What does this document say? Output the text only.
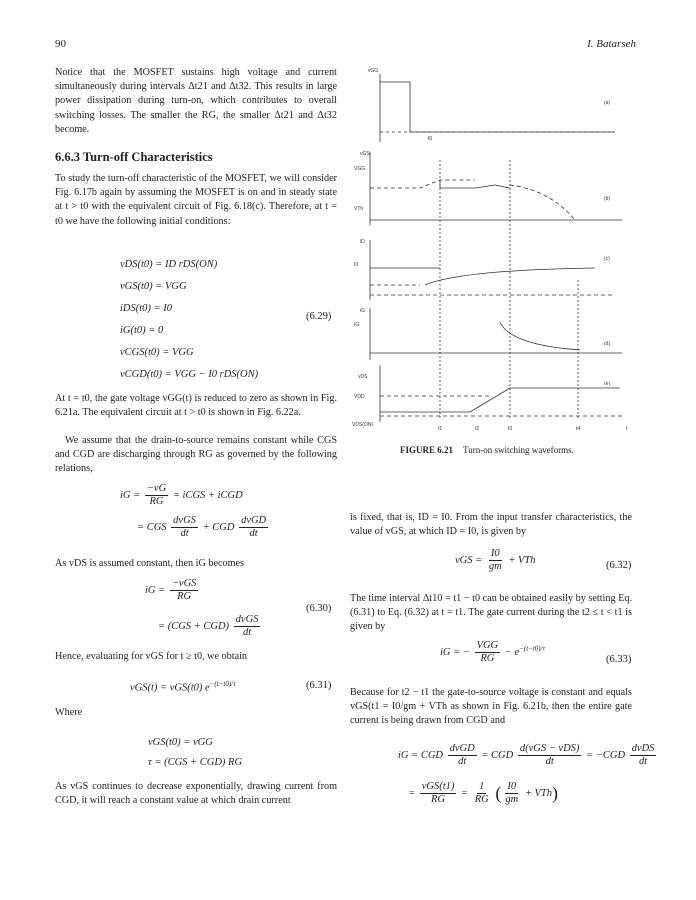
90	I. Batarseh
Notice that the MOSFET sustains high voltage and current simultaneously during intervals Δt21 and Δt32. This results in large power dissipation during turn-on, which contributes to overall switching losses. The smaller the RG, the smaller Δt21 and Δt32 become.
6.6.3 Turn-off Characteristics
To study the turn-off characteristic of the MOSFET, we will consider Fig. 6.17b again by assuming the MOSFET is on and in steady state at t > t0 with the equivalent circuit of Fig. 6.18(c). Therefore, at t = t0 we have the following initial conditions:
vDS(t0) = ID rDS(ON)
vGS(t0) = VGG
iDS(t0) = I0
iG(t0) = 0
vCGS(t0) = VGG
vCGD(t0) = VGG − I0 rDS(ON)
(6.29)
At t = t0, the gate voltage vGG(t) is reduced to zero as shown in Fig. 6.21a. The equivalent circuit at t > t0 is shown in Fig. 6.22a.
We assume that the drain-to-source remains constant while CGS and CGD are discharging through RG as governed by the following relations,
iG = $\frac{-vG}{RG}$ = iCGS + iCGD
= CGS $\frac{\text{dvGS}}{dt}$ + CGD $\frac{\text{dvGD}}{dt}$
As vDS is assumed constant, then iG becomes
iG = $\frac{\text{−vGS}}{RG}$
= $(CGS + CGD) \frac{\text{dvGS}}{dt}$
(6.30)
Hence, evaluating for vGS for t ≥ t0, we obtain
vGS(t) = vGS(t0) $e^{-(t-t0)/\tau}$	(6.31)
Where
vGS(t0) = vGG
τ = (CGS + CGD) RG
As vGS continues to decrease exponentially, drawing current from CGD, it will reach a constant value at which drain current
vGG
vGS
VGG
VTh
iD
I0
iG
IG
vDS
VDD
VDS(ON)
t0
t1	t2	t3	t4	t
(a)
(b)
(c)
(d)
(e)
FIGURE 6.21 Turn-on switching waveforms.
is fixed, that is, ID = I0. From the input transfer characteristics, the value of vGS, at which ID = I0, is given by
vGS = $\frac{I0}{gm}$ + VTh	(6.32)
The time interval Δt10 = t1 − t0 can be obtained easily by setting Eq. (6.31) to Eq. (6.32) at t = t1. The gate current during the t2 ≤ t < t1 is given by
iG = − $\frac{\text{VGG}}{RG} - e^{-(t-t0)/\tau}$
(6.33)
Because for t2 − t1 the gate-to-source voltage is constant and equals vGS(t1 = I0/gm + VTh as shown in Fig. 6.21b, then the entire gate current is being drawn from CGD and
iG = CGD $\frac{\text{dvGD}}{dt}$ = CGD $\frac{\text{d(vGS − vDS)}}{dt} = -CGD \frac{\text{dvDS}}{dt}$
= $\frac{\text{vGS(t1)}}{RG} = \frac{1}{RG}$ ( $\frac{I0}{gm} + VTh$)
